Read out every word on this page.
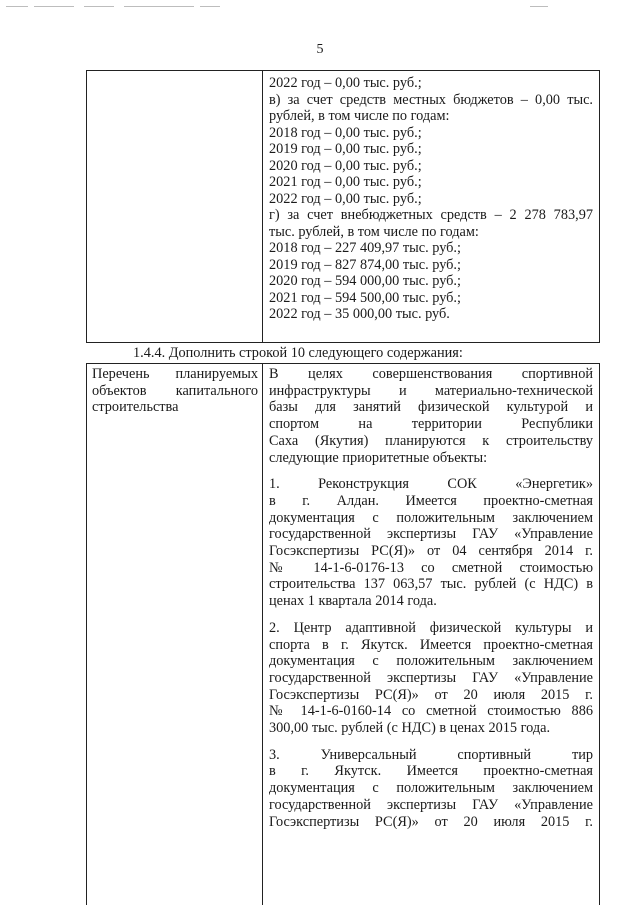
5
2022 год – 0,00 тыс. руб.;
в) за счет средств местных бюджетов – 0,00 тыс.
рублей, в том числе по годам:
2018 год – 0,00 тыс. руб.;
2019 год – 0,00 тыс. руб.;
2020 год – 0,00 тыс. руб.;
2021 год – 0,00 тыс. руб.;
2022 год – 0,00 тыс. руб.;
г) за счет внебюджетных средств – 2 278 783,97
тыс. рублей, в том числе по годам:
2018 год – 227 409,97 тыс. руб.;
2019 год – 827 874,00 тыс. руб.;
2020 год – 594 000,00 тыс. руб.;
2021 год – 594 500,00 тыс. руб.;
2022 год – 35 000,00 тыс. руб.
1.4.4. Дополнить строкой 10 следующего содержания:
Перечень планируемых
объектов капитального
строительства
В целях совершенствования спортивной
инфраструктуры и материально-технической
базы для занятий физической культурой и
спортом на территории Республики
Саха (Якутия) планируются к строительству
следующие приоритетные объекты:
1. Реконструкция СОК «Энергетик»
в г. Алдан. Имеется проектно-сметная
документация с положительным заключением
государственной экспертизы ГАУ «Управление
Госэкспертизы РС(Я)» от 04 сентября 2014 г.
№ 14-1-6-0176-13 со сметной стоимостью
строительства 137 063,57 тыс. рублей (с НДС) в
ценах 1 квартала 2014 года.
2. Центр адаптивной физической культуры и
спорта в г. Якутск. Имеется проектно-сметная
документация с положительным заключением
государственной экспертизы ГАУ «Управление
Госэкспертизы РС(Я)» от 20 июля 2015 г.
№ 14-1-6-0160-14 со сметной стоимостью 886
300,00 тыс. рублей (с НДС) в ценах 2015 года.
3. Универсальный спортивный тир
в г. Якутск. Имеется проектно-сметная
документация с положительным заключением
государственной экспертизы ГАУ «Управление
Госэкспертизы РС(Я)» от 20 июля 2015 г.
